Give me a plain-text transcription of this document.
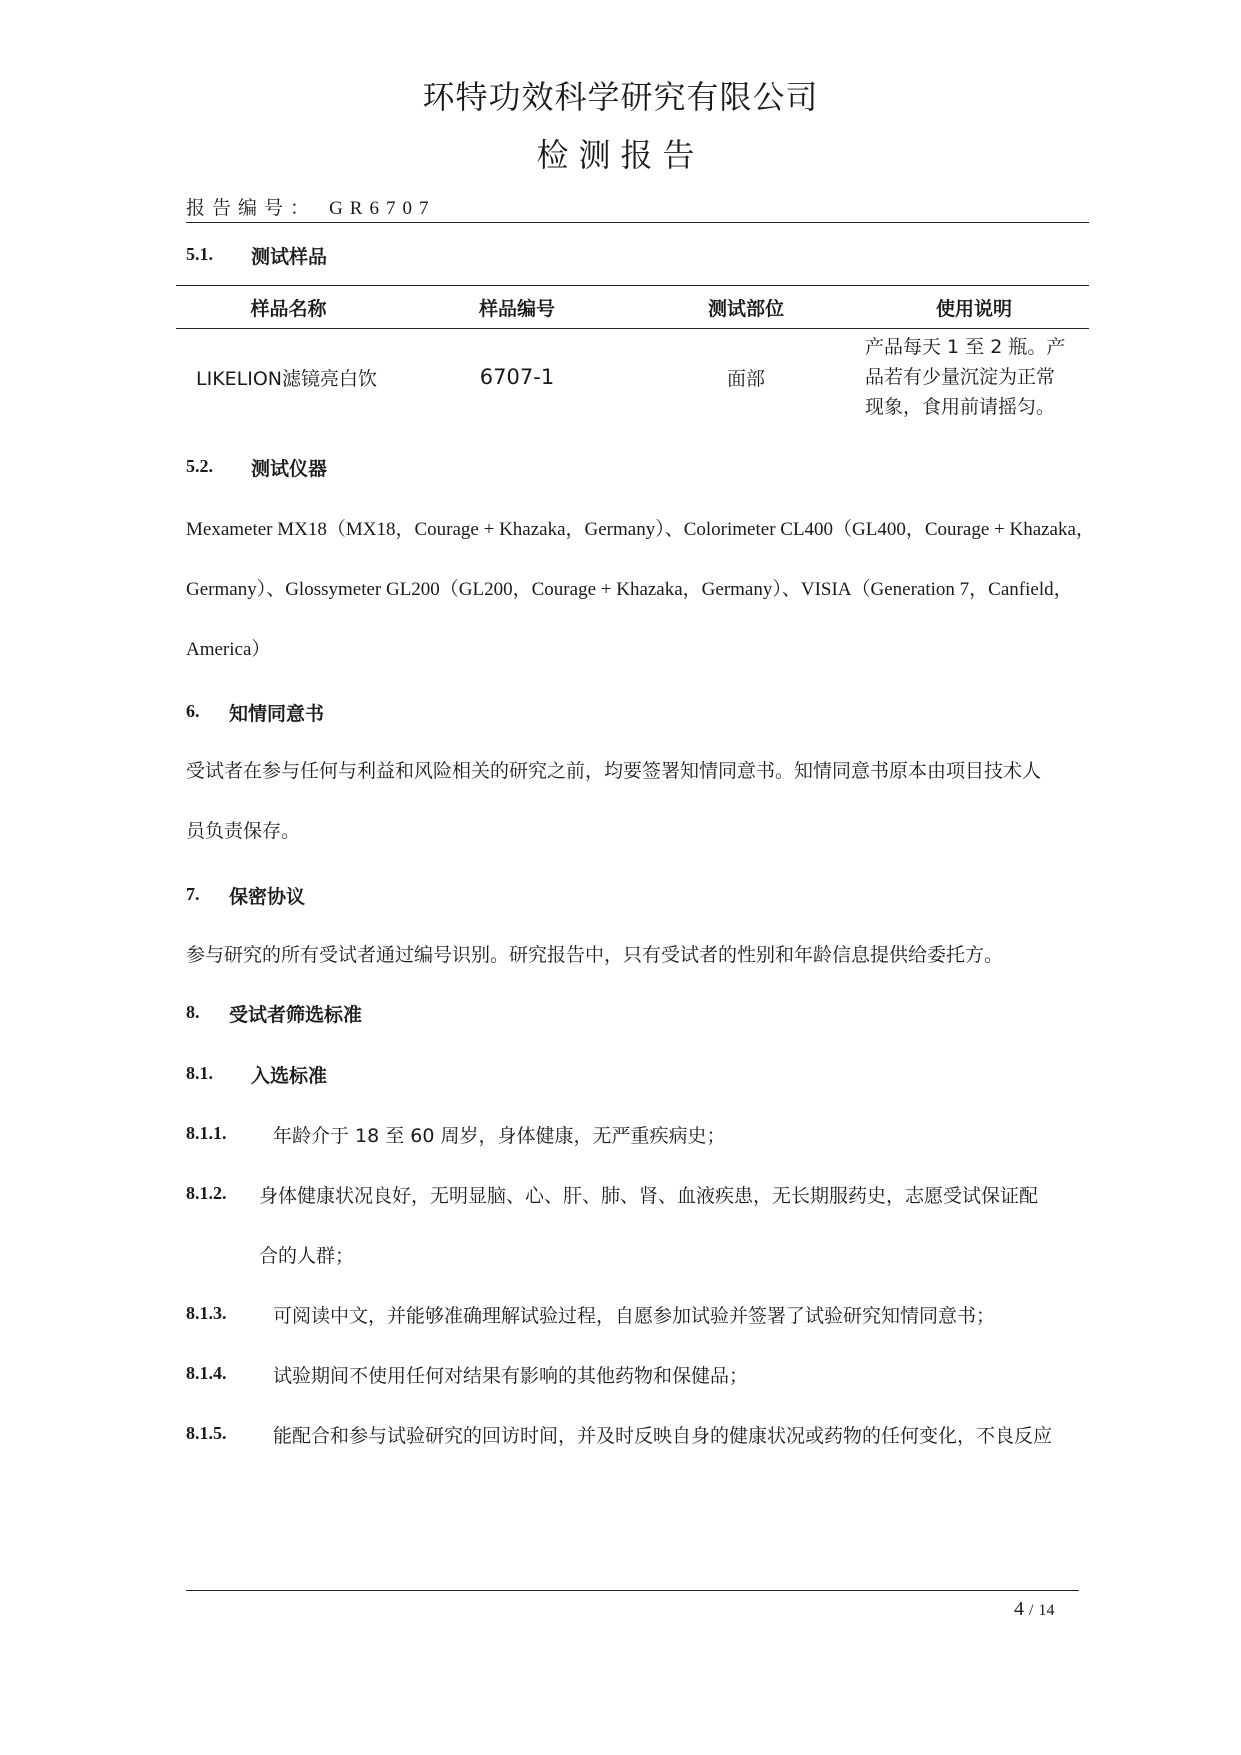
环特功效科学研究有限公司
检测报告
报告编号： GR6707
5.1. 测试样品
样品名称	样品编号	测试部位	使用说明
LIKELION滤镜亮白饮	6707-1	面部	产品每天 1 至 2 瓶。产
品若有少量沉淀为正常
现象，食用前请摇匀。
5.2. 测试仪器
Mexameter MX18（MX18，Courage + Khazaka，Germany）、Colorimeter CL400（GL400，Courage + Khazaka，
Germany）、Glossymeter GL200（GL200，Courage + Khazaka，Germany）、VISIA（Generation 7，Canfield，
America）
6. 知情同意书
受试者在参与任何与利益和风险相关的研究之前，均要签署知情同意书。知情同意书原本由项目技术人
员负责保存。
7. 保密协议
参与研究的所有受试者通过编号识别。研究报告中，只有受试者的性别和年龄信息提供给委托方。
8. 受试者筛选标准
8.1. 入选标准
8.1.1. 年龄介于 18 至 60 周岁，身体健康，无严重疾病史；
8.1.2. 身体健康状况良好，无明显脑、心、肝、肺、肾、血液疾患，无长期服药史，志愿受试保证配
合的人群；
8.1.3. 可阅读中文，并能够准确理解试验过程，自愿参加试验并签署了试验研究知情同意书；
8.1.4. 试验期间不使用任何对结果有影响的其他药物和保健品；
8.1.5. 能配合和参与试验研究的回访时间，并及时反映自身的健康状况或药物的任何变化，不良反应
4 / 14
